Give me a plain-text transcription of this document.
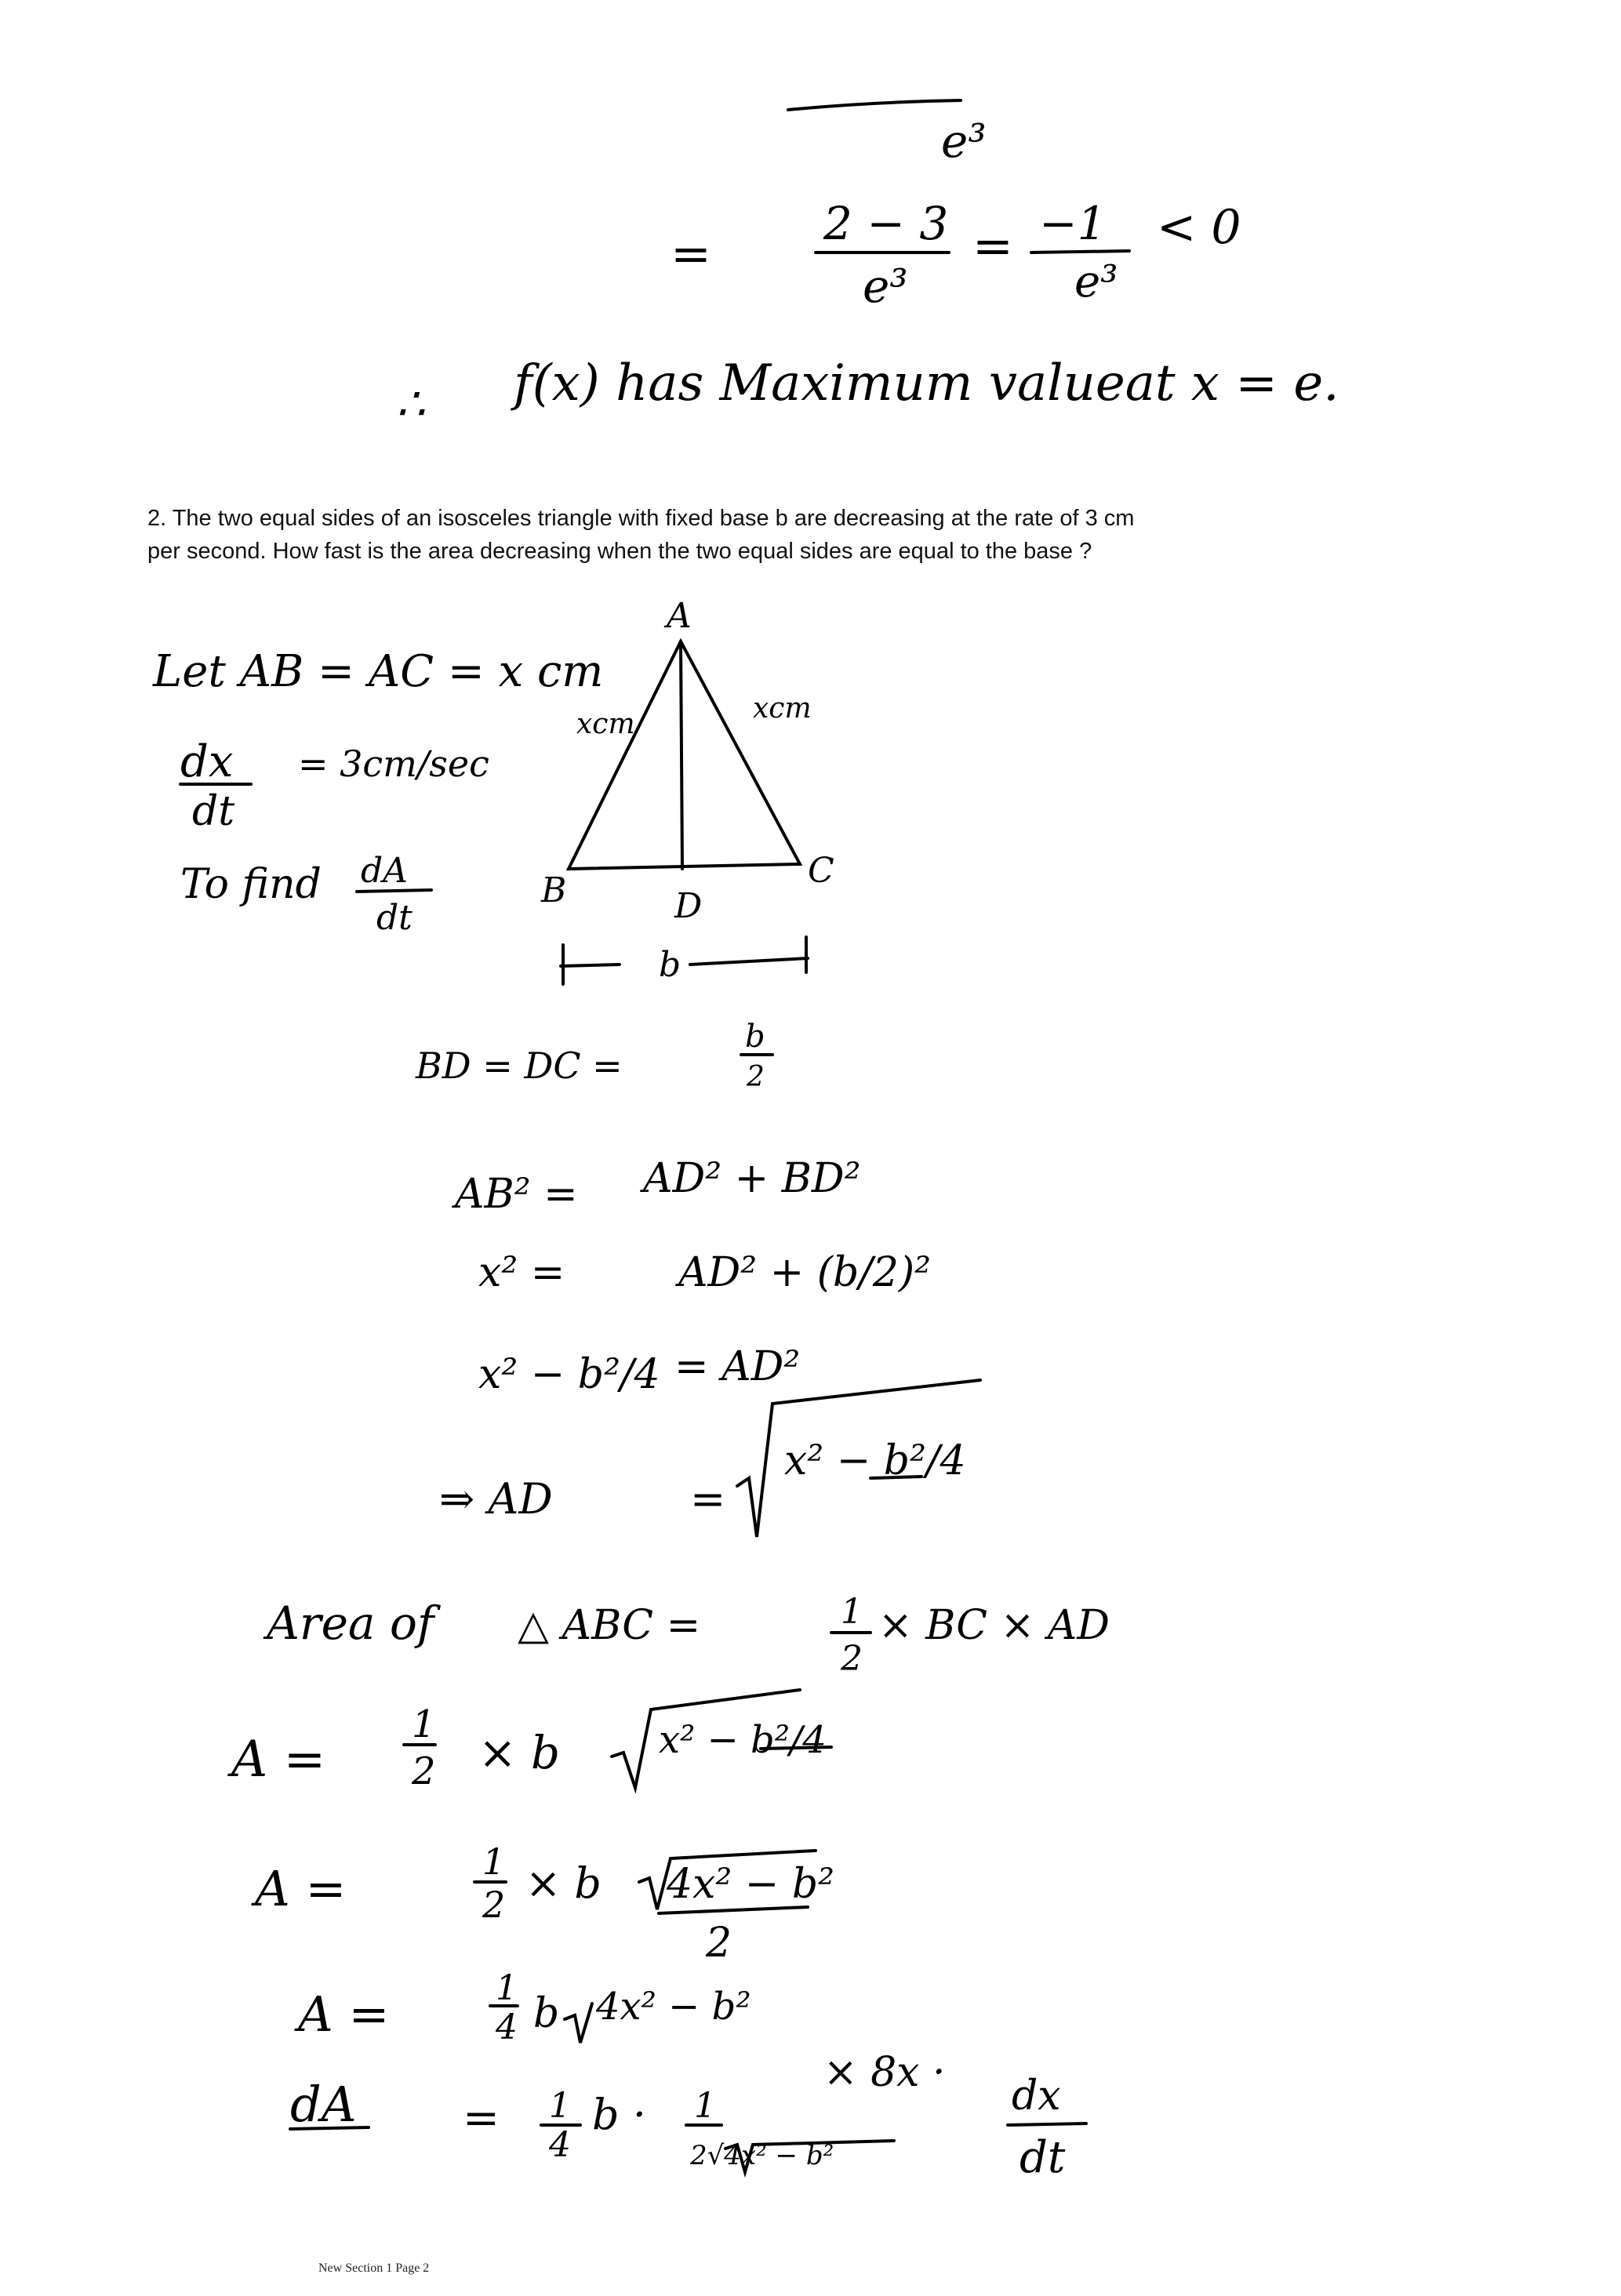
e³
=
2 − 3
e³
= −1
e³
< 0
∴ f(x) has Maximum valueat x = e.
Let AB = AC = x cm
dx
dt
= 3cm/sec
To find dA
dt
A
B	C
D
xcm	xcm
b
BD = DC =
b
2
AB² = AD² + BD²
x² =	AD² + (b/2)²
x² − b²/4 = AD²
⇒ AD	=
x² − b²/4
Area of △ ABC =	1
2
× BC × AD
A =
1
2 × b	x² − b²/4
A =	1
2 × b 4x² − b²
2
A =	1
4 b 4x² − b²
dA = 1
4
b · 1
2√4x² − b²
× 8x · dx
dt
2. The two equal sides of an isosceles triangle with fixed base b are decreasing at the rate of 3 cm
per second. How fast is the area decreasing when the two equal sides are equal to the base ?
New Section 1 Page 2
